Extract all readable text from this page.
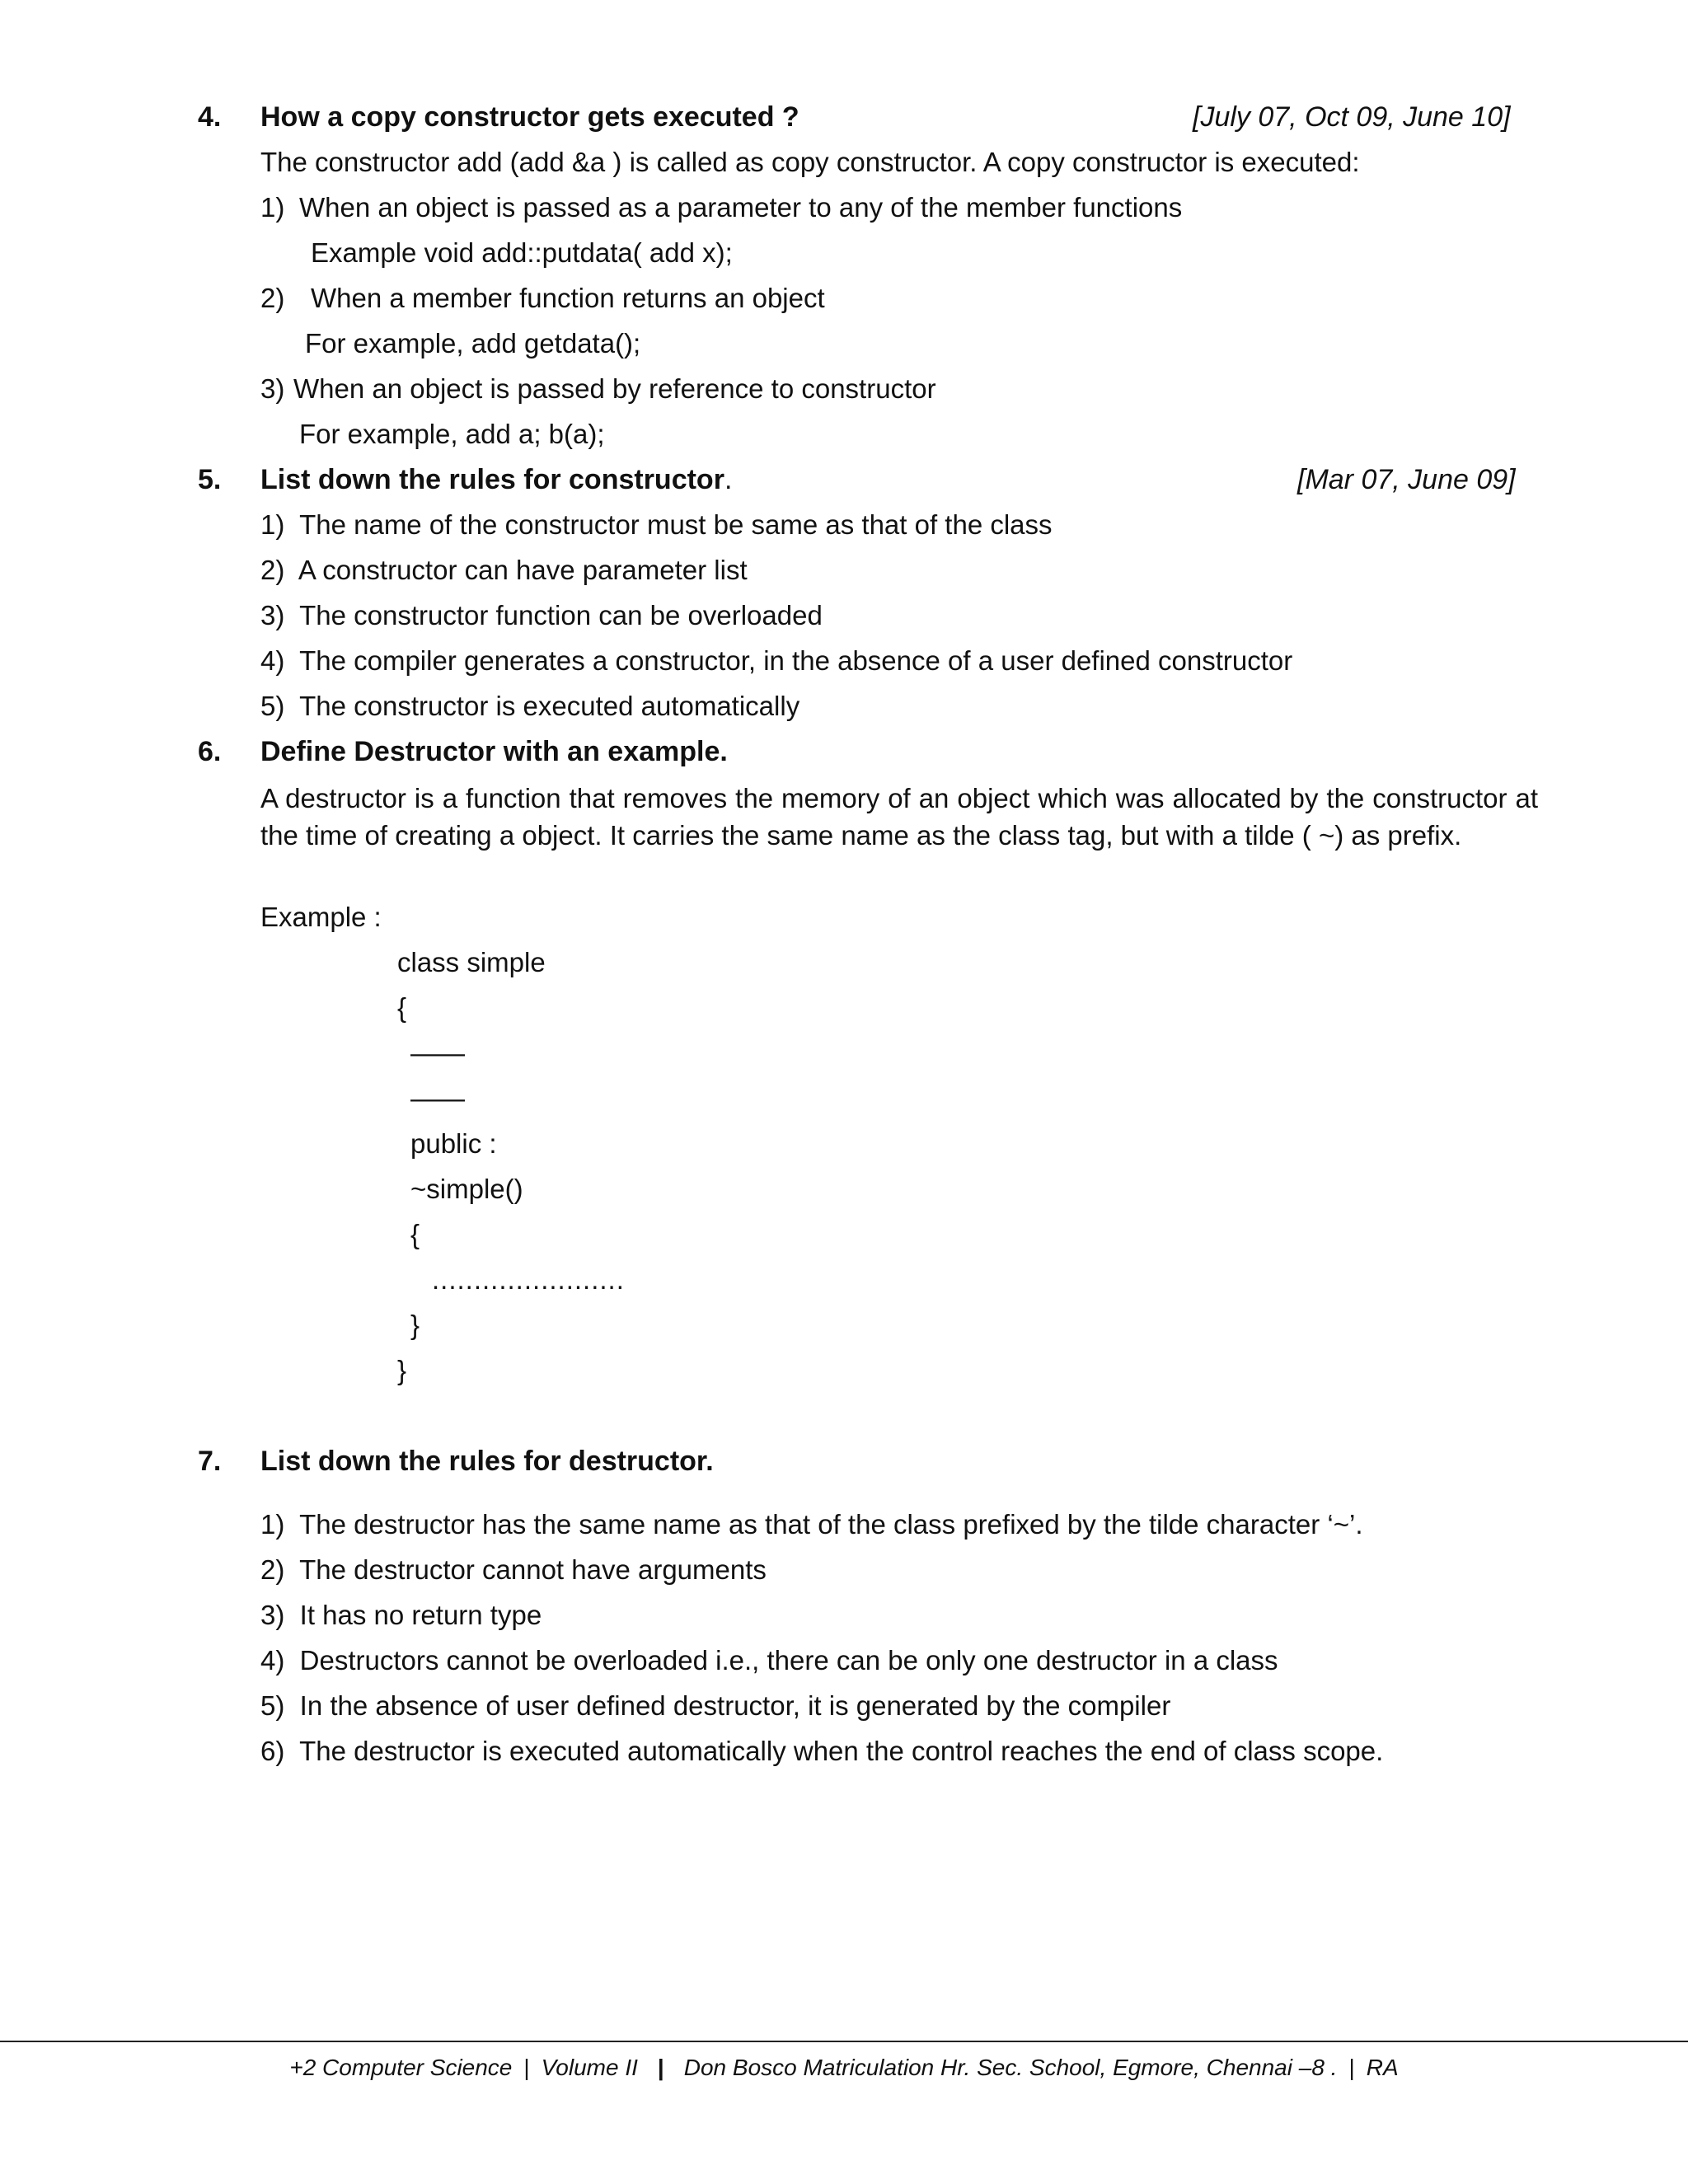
4. How a copy constructor gets executed ?	[July 07, Oct 09, June 10]
The constructor add (add &a ) is called as copy constructor. A copy constructor is executed:
1) When an object is passed as a parameter to any of the member functions
Example void add::putdata( add x);
2) When a member function returns an object
For example, add getdata();
3) When an object is passed by reference to constructor
For example, add a; b(a);
5. List down the rules for constructor.	[Mar 07, June 09]
1)  The name of the constructor must be same as that of the class
2)  A constructor can have parameter list
3)  The constructor function can be overloaded
4)  The compiler generates a constructor, in the absence of a user defined constructor
5)  The constructor is executed automatically
6. Define Destructor with an example.
A destructor is a function that removes the memory of an object which was allocated by the constructor at the time of creating a object. It carries the same name as the class tag, but with a tilde ( ~) as prefix.
Example :
class simple
{
——
——
public :
~simple()
{
.......................
}
}
7. List down the rules for destructor.
1)  The destructor has the same name as that of the class prefixed by the tilde character ‘~’.
2)  The destructor cannot have arguments
3)  It has no return type
4)  Destructors cannot be overloaded i.e., there can be only one destructor in a class
5)  In the absence of user defined destructor, it is generated by the compiler
6)  The destructor is executed automatically when the control reaches the end of class scope.
+2 Computer Science | Volume II | Don Bosco Matriculation Hr. Sec. School, Egmore, Chennai –8 . | RA
